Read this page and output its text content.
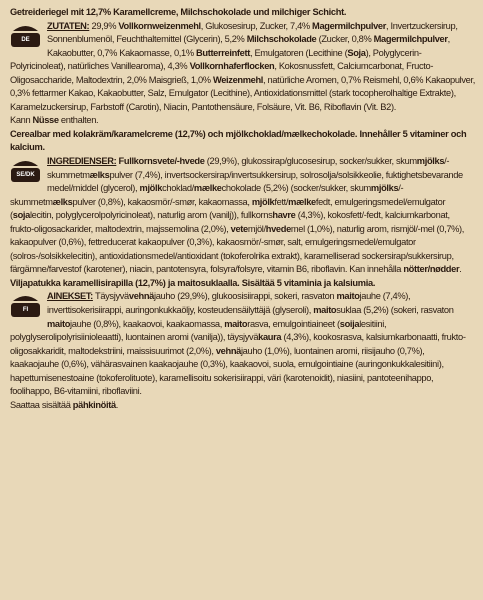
Getreideriegel mit 12,7% Karamellcreme, Milchschokolade und milchiger Schicht.

DE

ZUTATEN: 29,9% Vollkornweizenmehl, Glukosesirup, Zucker, 7,4% Magermilchpulver, Invertzuckersirup, Sonnenblumenöl, Feuchthaltemittel (Glycerin), 5,2% Milchschokolade (Zucker, 0,8% Magermilchpulver, Kakaobutter, 0,7% Kakaomasse, 0,1% Butterreinfett, Emulgatoren (Lecithine (Soja), Polyglycerin-Polyricinoleat), natürliches Vanillearoma), 4,3% Vollkornhaferflocken, Kokosnussfett, Calciumcarbonat, Fructo-Oligosaccharide, Maltodextrin, 2,0% Maisgrieß, 1,0% Weizenmehl, natürliche Aromen, 0,7% Reismehl, 0,6% Kakaopulver, 0,3% fettarmer Kakao, Kakaobutter, Salz, Emulgator (Lecithine), Antioxidationsmittel (stark tocopherolhaltige Extrakte), Karamelzuckersirup, Farbstoff (Carotin), Niacin, Pantothensäure, Folsäure, Vit. B6, Riboflavin (Vit. B2).

Kann Nüsse enthalten.

Cerealbar med kolakräm/karamelcreme (12,7%) och mjölkchoklad/mælkechokolade. Innehåller 5 vitaminer och kalcium.

SE/DK

INGREDIENSER: Fullkornsvete/-hvede (29,9%), glukossirap/glucosesirup, socker/sukker, skummjölks/-skummetmælkspulver (7,4%), invertsockersirap/invertsukkersirup, solrosolja/solsikkeolie, fuktighetsbevarande medel/middel (glycerol), mjölkchoklad/mælkechokolade (5,2%) (socker/sukker, skummjölks/-skummetmælkspulver (0,8%), kakaosmör/-smør, kakaomassa, mjölkfett/mælkefedt, emulgeringsmedel/emulgator (sojalecitin, polyglycerolpolyricinoleat), naturlig arom (vanilj)), fullkornshavre (4,3%), kokosfett/-fedt, kalciumkarbonat, frukto-oligosackarider, maltodextrin, majssemolina (2,0%), vetemjöl/hvedemel (1,0%), naturlig arom, rismjöl/-mel (0,7%), kakaopulver (0,6%), fettreducerat kakaopulver (0,3%), kakaosmör/-smør, salt, emulgeringsmedel/emulgator (solros-/solsikkelecitin), antioxidationsmedel/antioxidant (tokoferolrika extrakt), karamelliserad sockersirap/sukkersirup, färgämne/farvestof (karotener), niacin, pantotensyra, folsyra/folsyre, vitamin B6, riboflavin. Kan innehålla nötter/nødder.

Viljapatukka karamellisirapilla (12,7%) ja maitosuklaalla. Sisältää 5 vitaminia ja kalsiumia.

FI

AINEKSET: Täysjyvävehnäjauho (29,9%), glukoosisiirappi, sokeri, rasvaton maitojauhe (7,4%), inverttisokerisiirappi, auringonkukkaöljy, kosteudensäilyttäjä (glyseroli), maitosuklaa (5,2%) (sokeri, rasvaton maitojauhe (0,8%), kaakaovoi, kaakaomassa, maitorasva, emulgointiaineet (soijalesitiini, polyglyserolipolyrisiinioleaatti), luontainen aromi (vanilja)), täysjyväkaura (4,3%), kookosrasva, kalsiumkarbonaatti, frukto-oligosakkaridit, maltodekstriini, maissisuurimot (2,0%), vehnäjauho (1,0%), luontainen aromi, riisijauho (0,7%), kaakaojauhe (0,6%), vähärasvainen kaakaojauhe (0,3%), kaakaovoi, suola, emulgointiaine (auringonkukkalesitiini), hapettumisenestoaine (tokoferolituote), karamellisoitu sokerisiirappi, väri (karotenoidit), niasiini, pantoteenihappo, foolihappo, B6-vitamiini, riboflaviini.

Saattaa sisältää pähkinöitä.
